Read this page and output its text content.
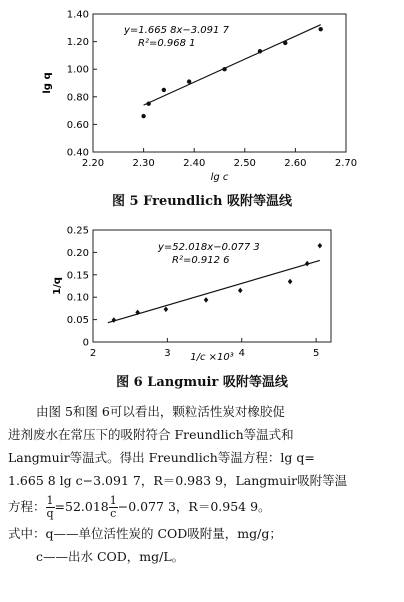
2.20	2.30	2.40	2.50	2.60	2.70
0.40
0.60
0.80
1.00
1.20
1.40
y=1.665 8x−3.091 7
R²=0.968 1
lg c
lg q
2	3	4	5
0
0.05
0.10
0.15
0.20
0.25
y=52.018x−0.077 3
R²=0.912 6
1/c ×10³
1/q
图 5 Freundlich 吸附等温线
图 6 Langmuir 吸附等温线

由图 5和图 6可以看出，颗粒活性炭对橡胶促

进剂废水在常压下的吸附符合 Freundlich等温式和

Langmuir等温式。得出 Freundlich等温方程：lg q=

1.665 8 lg c−3.091 7，R＝0.983 9，Langmuir吸附等温

方程： $\frac{1}{q} =52.018 \frac{1}{c} -0.077$ 3，R＝0.954 9。

式中：q——单位活性炭的 COD吸附量，mg/g；

c——出水 COD，mg/L。
